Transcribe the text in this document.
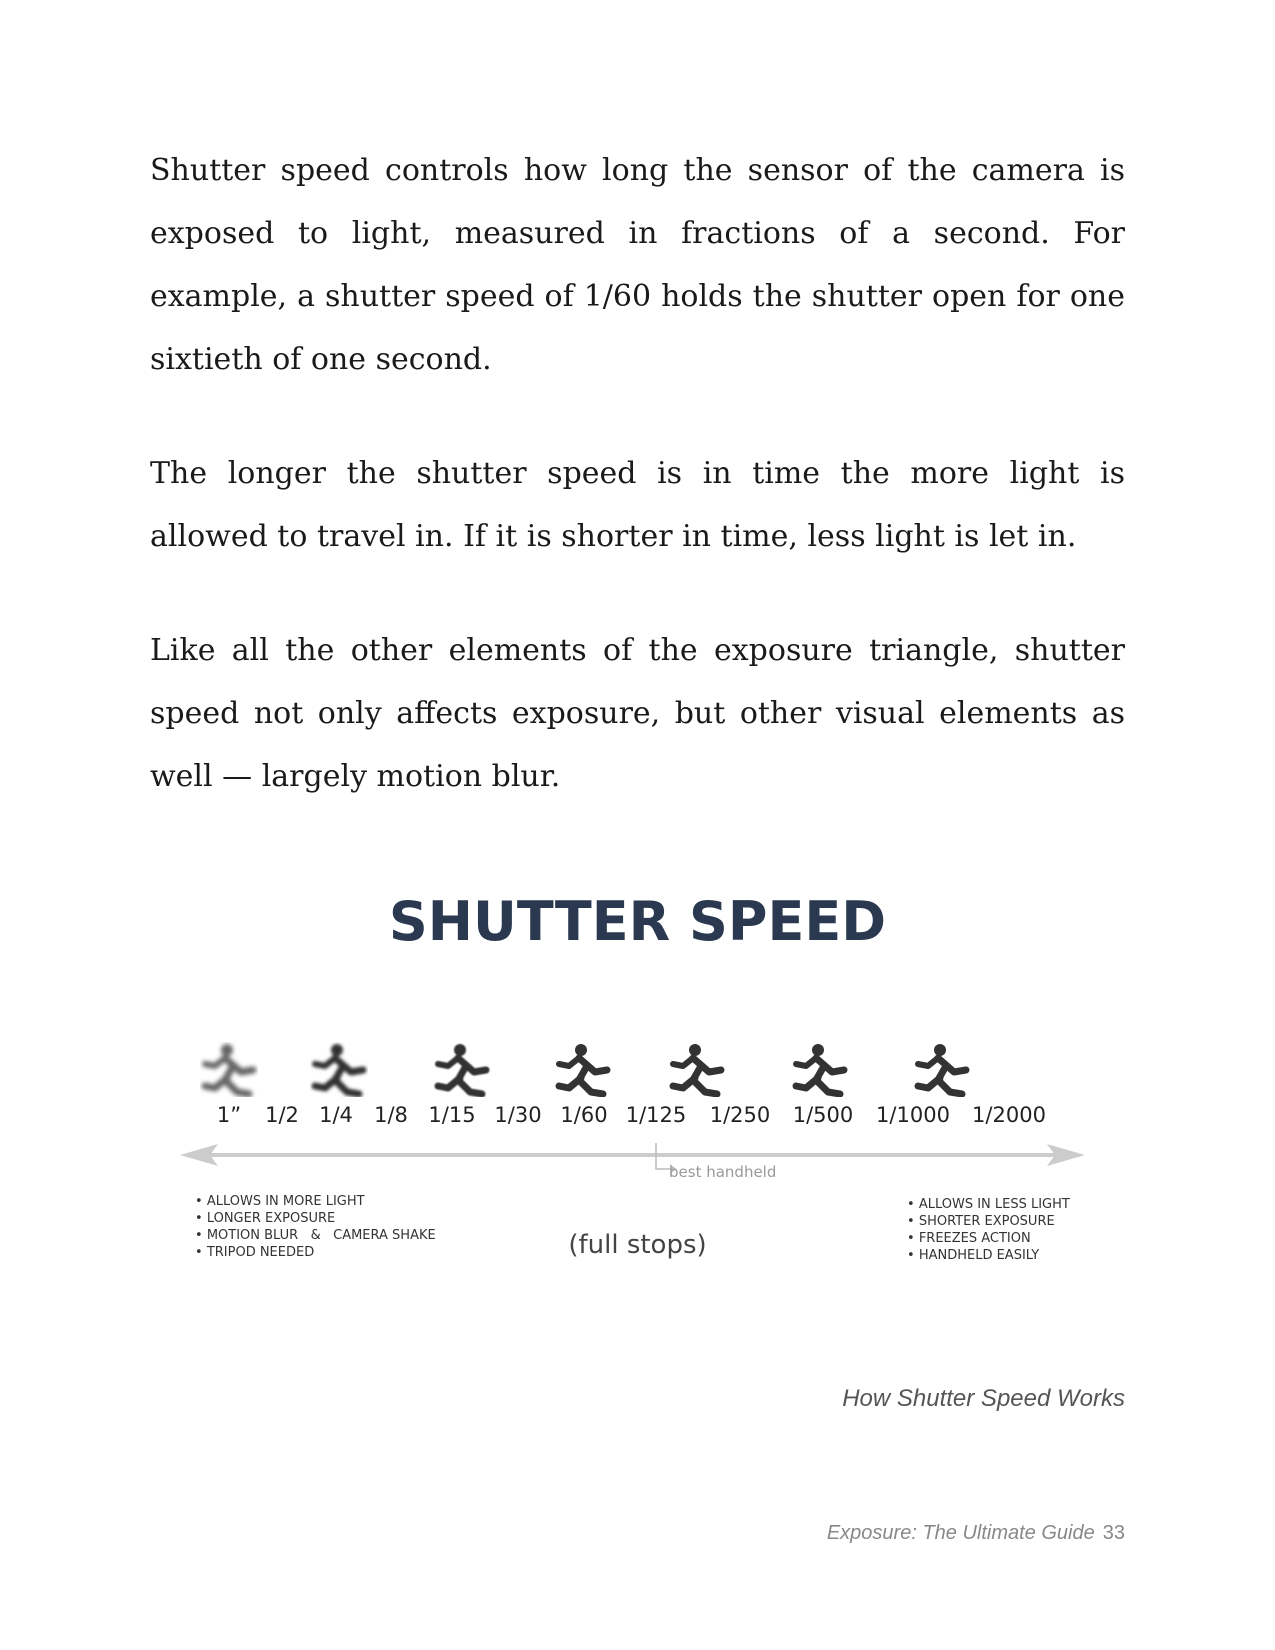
Shutter speed controls how long the sensor of the camera is exposed to light, measured in fractions of a second. For example, a shutter speed of 1/60 holds the shutter open for one sixtieth of one second.

The longer the shutter speed is in time the more light is allowed to travel in. If it is shorter in time, less light is let in.

Like all the other elements of the exposure triangle, shutter speed not only affects exposure, but other visual elements as well — largely motion blur.

SHUTTER SPEED
1” 1/2 1/4 1/8 1/15 1/30 1/60 1/125 1/250 1/500 1/1000 1/2000
best handheld
• ALLOWS IN MORE LIGHT
• LONGER EXPOSURE
• MOTION BLUR   &   CAMERA SHAKE
• TRIPOD NEEDED
• ALLOWS IN LESS LIGHT
• SHORTER EXPOSURE
• FREEZES ACTION
• HANDHELD EASILY
(full stops)
How Shutter Speed Works
Exposure: The Ultimate Guide 33
